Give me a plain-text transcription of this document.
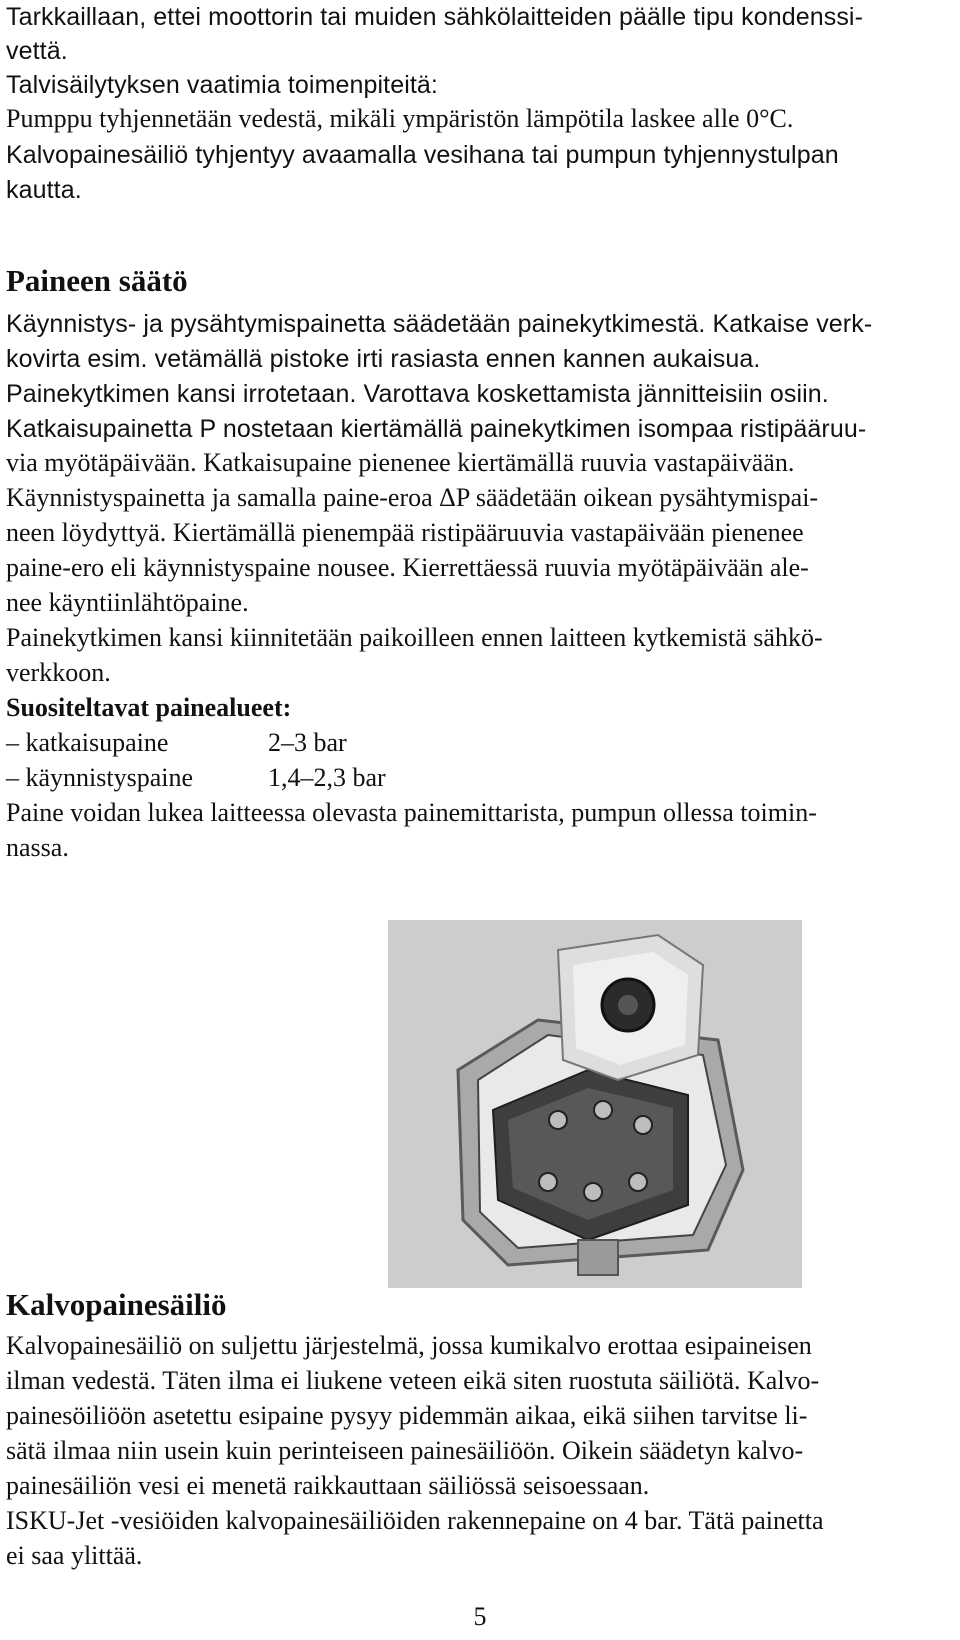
Tarkkaillaan, ettei moottorin tai muiden sähkölaitteiden päälle tipu kondenssi-
vettä.
Talvisäilytyksen vaatimia toimenpiteitä:
Pumppu tyhjennetään vedestä, mikäli ympäristön lämpötila laskee alle 0°C.
Kalvopainesäiliö tyhjentyy avaamalla vesihana tai pumpun tyhjennystulpan
kautta.
Paineen säätö
Käynnistys- ja pysähtymispainetta säädetään painekytkimestä. Katkaise verk-
kovirta esim. vetämällä pistoke irti rasiasta ennen kannen aukaisua.
Painekytkimen kansi irrotetaan. Varottava koskettamista jännitteisiin osiin.
Katkaisupainetta P nostetaan kiertämällä painekytkimen isompaa ristipääruu-
via myötäpäivään. Katkaisupaine pienenee kiertämällä ruuvia vastapäivään.
Käynnistyspainetta ja samalla paine-eroa ΔP säädetään oikean pysähtymispai-
neen löydyttyä. Kiertämällä pienempää ristipääruuvia vastapäivään pienenee
paine-ero eli käynnistyspaine nousee. Kierrettäessä ruuvia myötäpäivään ale-
nee käyntiinlähtöpaine.
Painekytkimen kansi kiinnitetään paikoilleen ennen laitteen kytkemistä sähkö-
verkkoon.
Suositeltavat painealueet:
– katkaisupaine	2–3 bar
– käynnistyspaine	1,4–2,3 bar
Paine voidan lukea laitteessa olevasta painemittarista, pumpun ollessa toimin-
nassa.
Kalvopainesäiliö
Kalvopainesäiliö on suljettu järjestelmä, jossa kumikalvo erottaa esipaineisen
ilman vedestä. Täten ilma ei liukene veteen eikä siten ruostuta säiliötä. Kalvo-
painesöiliöön asetettu esipaine pysyy pidemmän aikaa, eikä siihen tarvitse li-
sätä ilmaa niin usein kuin perinteiseen painesäiliöön. Oikein säädetyn kalvo-
painesäiliön vesi ei menetä raikkauttaan säiliössä seisoessaan.
ISKU-Jet -vesiöiden kalvopainesäiliöiden rakennepaine on 4 bar. Tätä painetta
ei saa ylittää.
5
